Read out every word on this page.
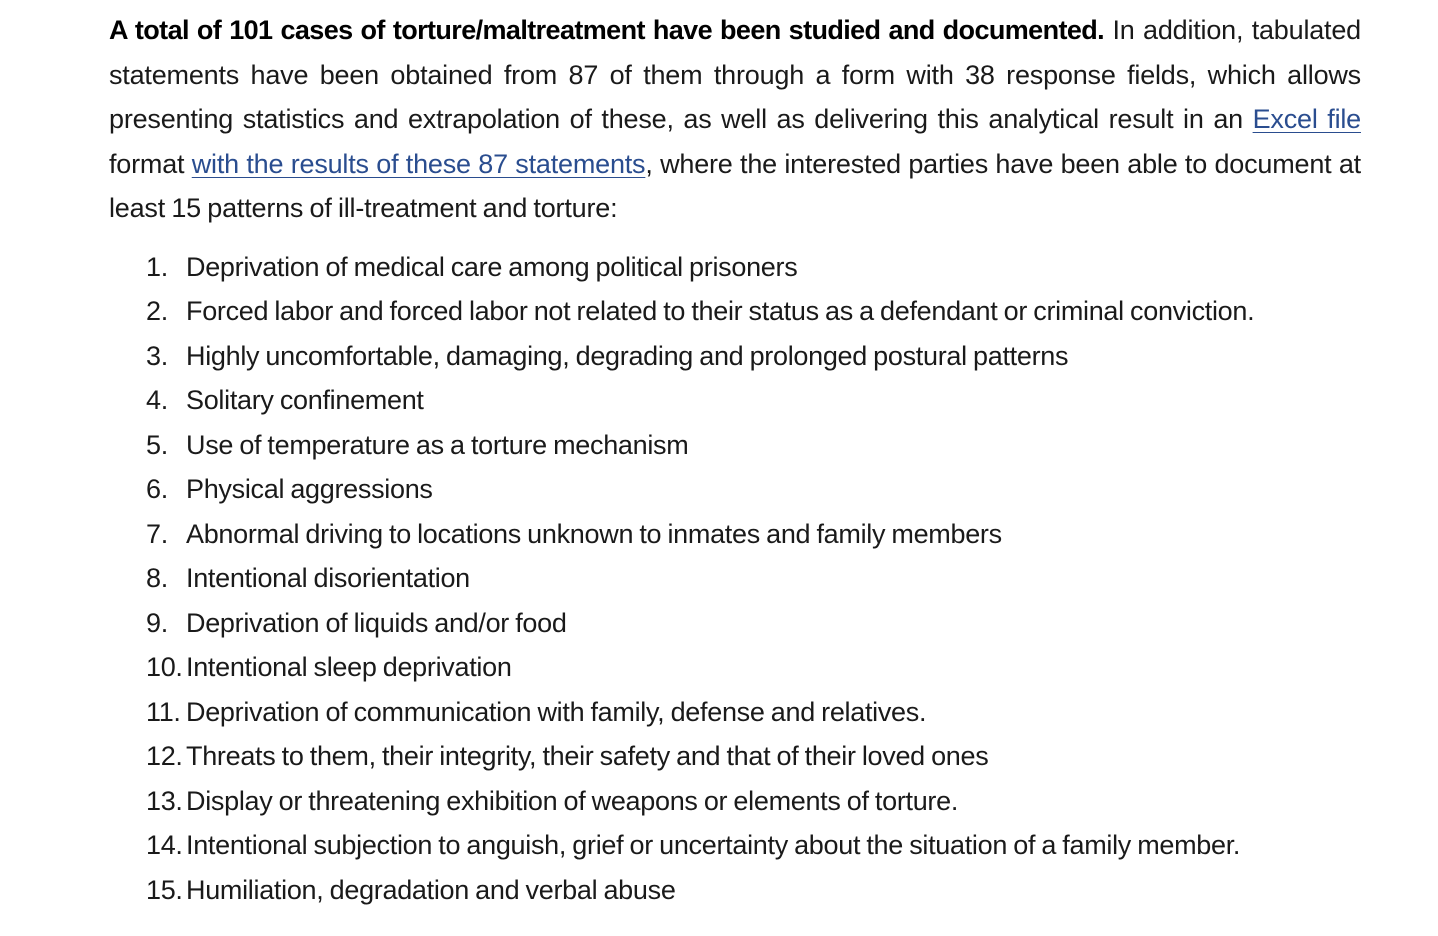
A total of 101 cases of torture/maltreatment have been studied and documented. In addition, tabulated statements have been obtained from 87 of them through a form with 38 response fields, which allows presenting statistics and extrapolation of these, as well as delivering this analytical result in an Excel file format with the results of these 87 statements, where the interested parties have been able to document at least 15 patterns of ill-treatment and torture:

1. Deprivation of medical care among political prisoners
2. Forced labor and forced labor not related to their status as a defendant or criminal conviction.
3. Highly uncomfortable, damaging, degrading and prolonged postural patterns
4. Solitary confinement
5. Use of temperature as a torture mechanism
6. Physical aggressions
7. Abnormal driving to locations unknown to inmates and family members
8. Intentional disorientation
9. Deprivation of liquids and/or food
10. Intentional sleep deprivation
11. Deprivation of communication with family, defense and relatives.
12. Threats to them, their integrity, their safety and that of their loved ones
13. Display or threatening exhibition of weapons or elements of torture.
14. Intentional subjection to anguish, grief or uncertainty about the situation of a family member.
15. Humiliation, degradation and verbal abuse
